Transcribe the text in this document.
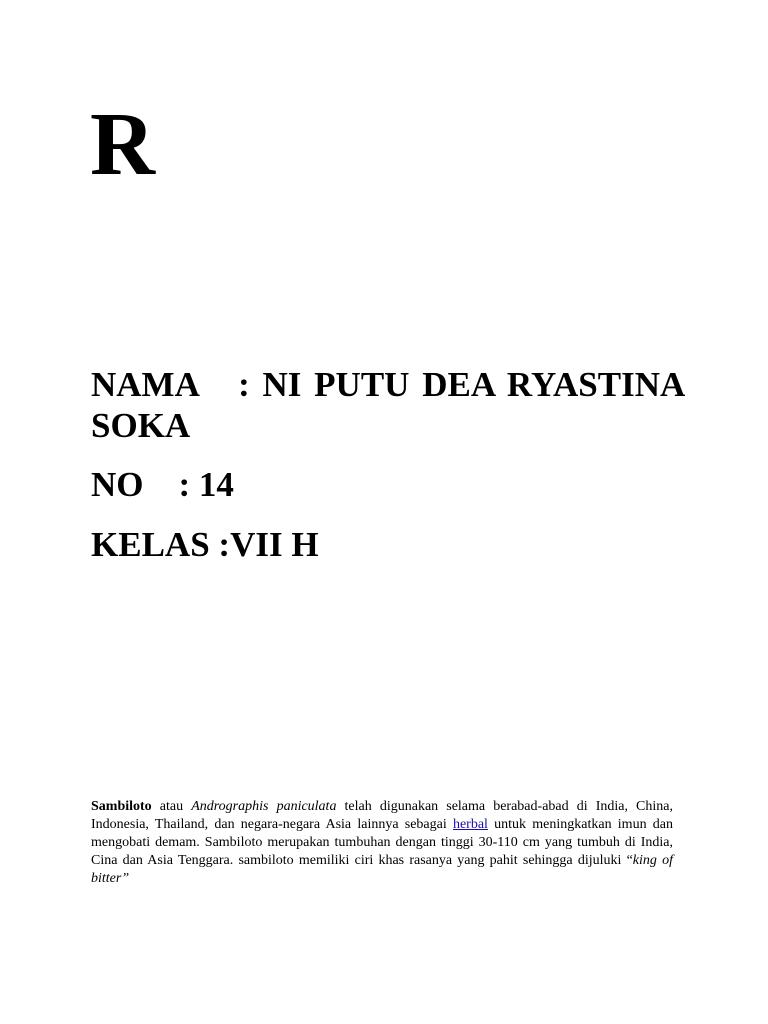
R
NAMA : NI PUTU DEA RYASTINA SOKA
NO : 14
KELAS :VII H

Sambiloto atau Andrographis paniculata telah digunakan selama berabad-abad di India, China, Indonesia, Thailand, dan negara-negara Asia lainnya sebagai herbal untuk meningkatkan imun dan mengobati demam. Sambiloto merupakan tumbuhan dengan tinggi 30-110 cm yang tumbuh di India, Cina dan Asia Tenggara. sambiloto memiliki ciri khas rasanya yang pahit sehingga dijuluki “king of bitter”
